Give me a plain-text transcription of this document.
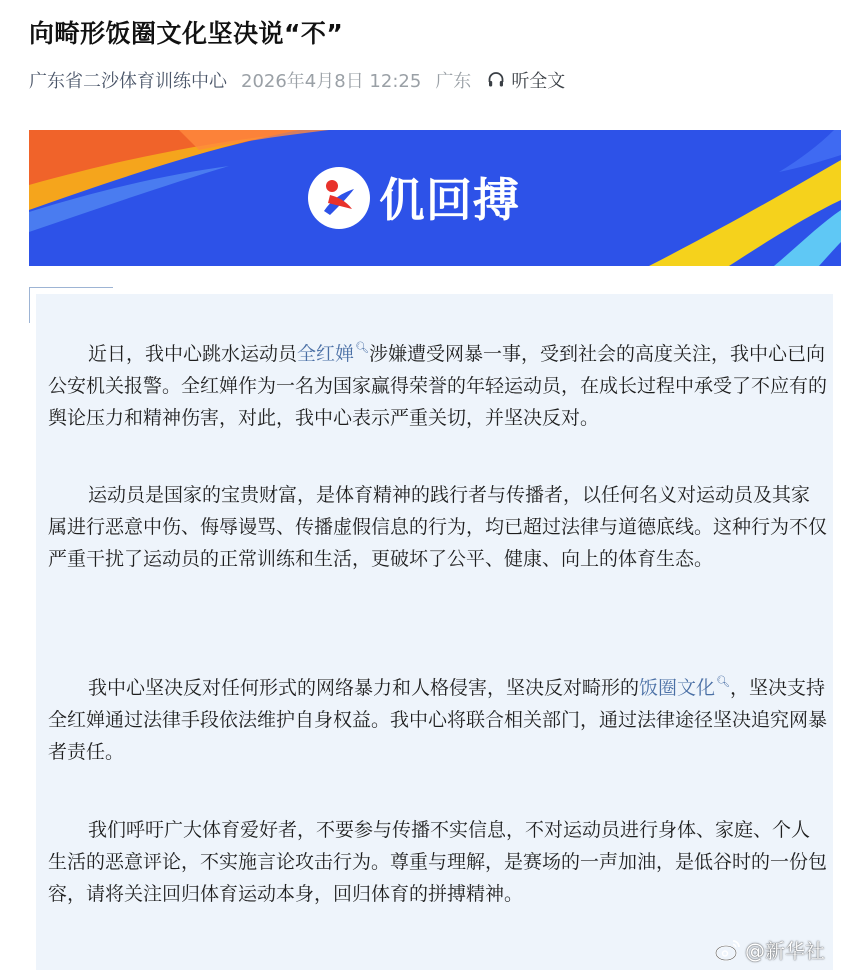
向畸形饭圈文化坚决说“不”
广东省二沙体育训练中心 2026年4月8日 12:25 广东 听全文
仉回搏

近日，我中心跳水运动员全红婵🔍︎涉嫌遭受网暴一事，受到社会的高度关注，我中心已向公安机关报警。全红婵作为一名为国家赢得荣誉的年轻运动员，在成长过程中承受了不应有的舆论压力和精神伤害，对此，我中心表示严重关切，并坚决反对。

运动员是国家的宝贵财富，是体育精神的践行者与传播者，以任何名义对运动员及其家属进行恶意中伤、侮辱谩骂、传播虚假信息的行为，均已超过法律与道德底线。这种行为不仅严重干扰了运动员的正常训练和生活，更破坏了公平、健康、向上的体育生态。

我中心坚决反对任何形式的网络暴力和人格侵害，坚决反对畸形的饭圈文化🔍︎，坚决支持全红婵通过法律手段依法维护自身权益。我中心将联合相关部门，通过法律途径坚决追究网暴者责任。

我们呼吁广大体育爱好者，不要参与传播不实信息，不对运动员进行身体、家庭、个人生活的恶意评论，不实施言论攻击行为。尊重与理解，是赛场的一声加油，是低谷时的一份包容，请将关注回归体育运动本身，回归体育的拼搏精神。

@新华社
